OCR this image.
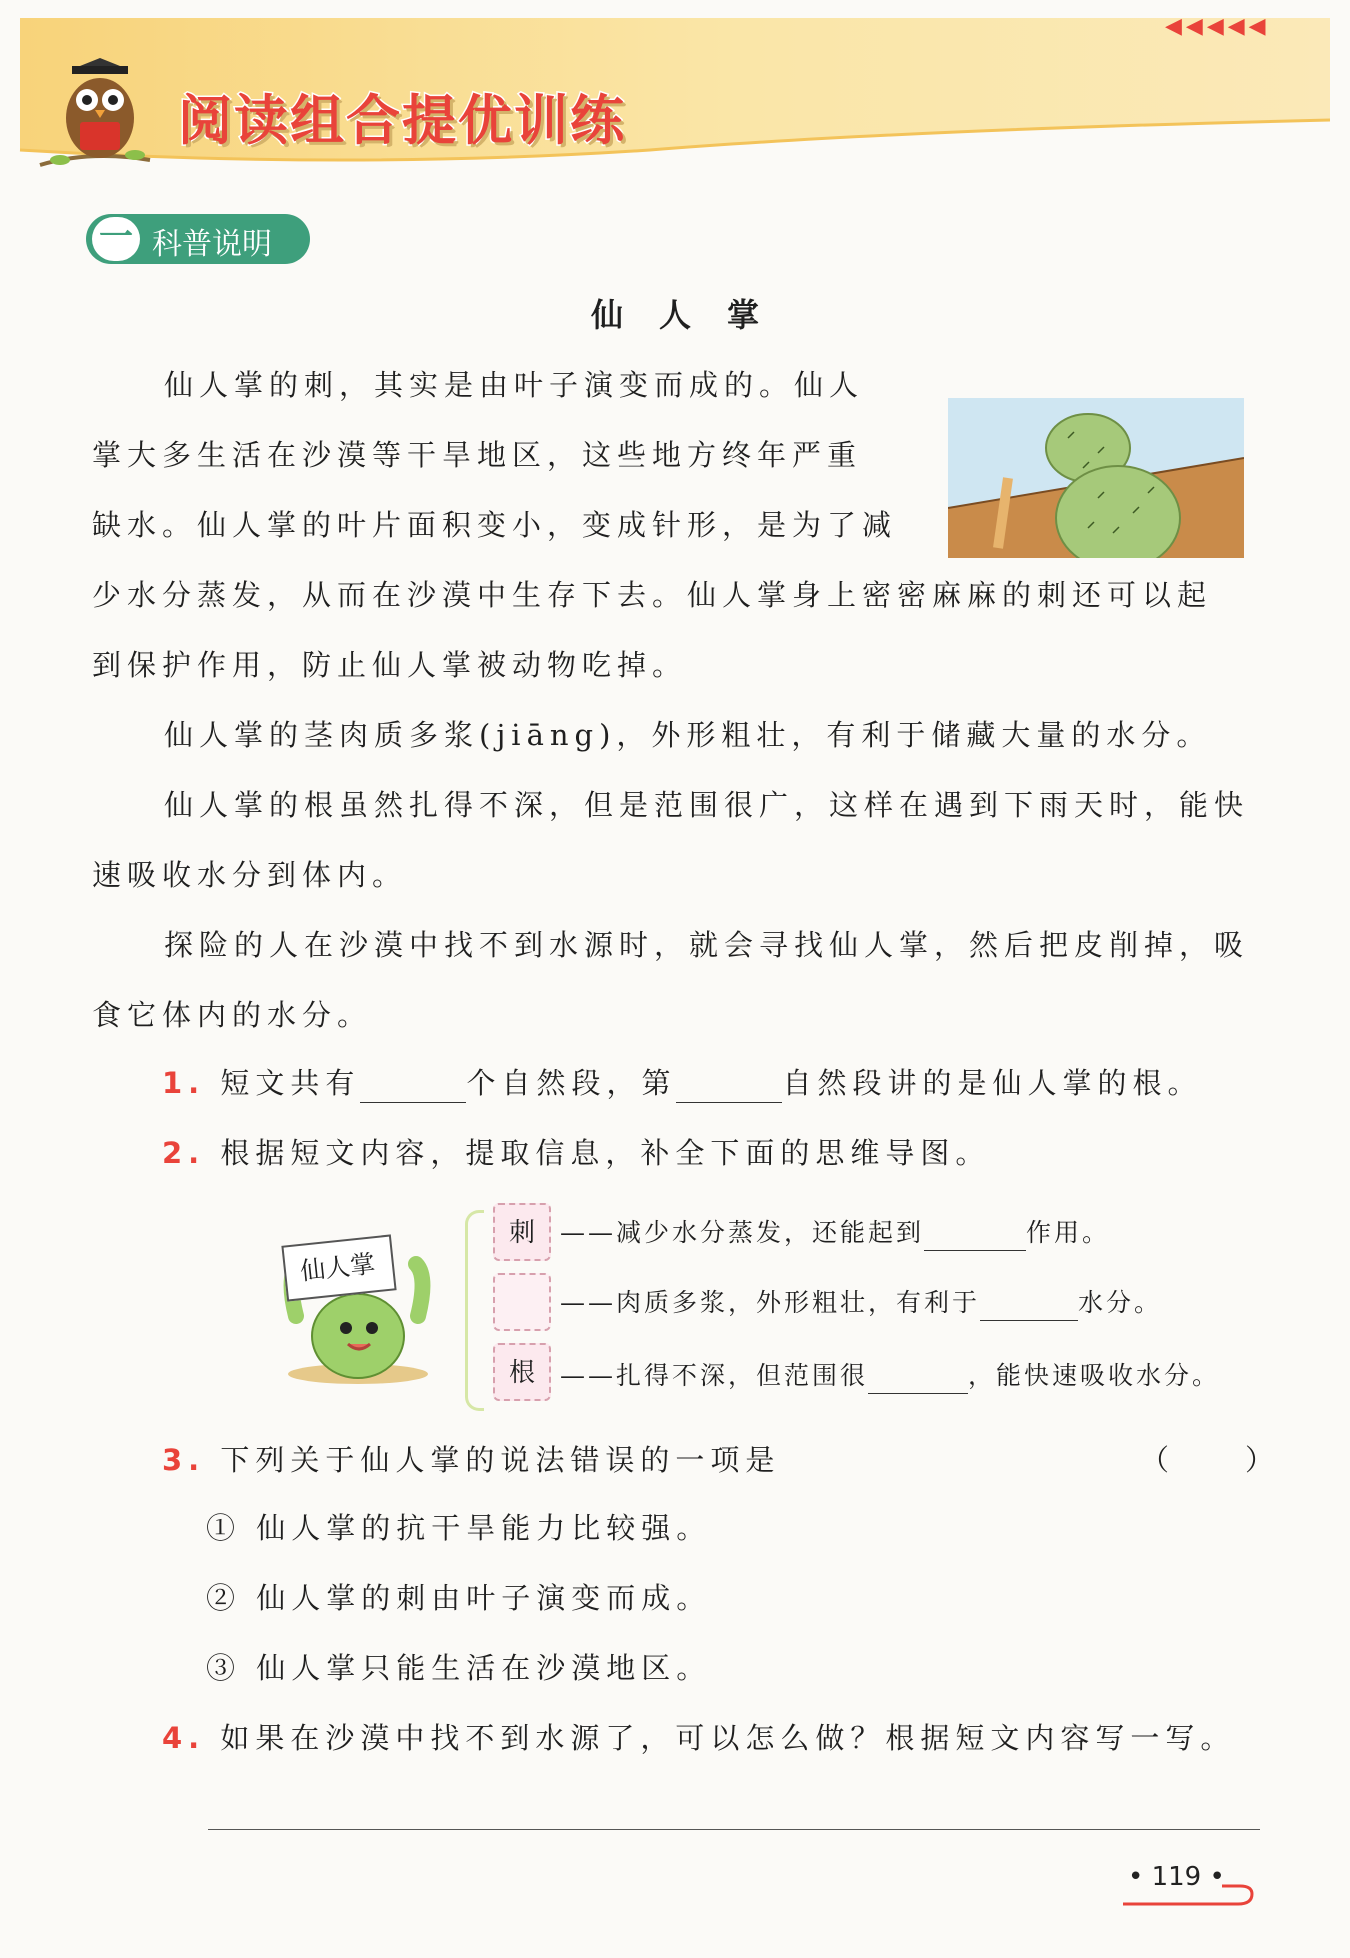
阅读组合提优训练
◀◀◀◀◀
一 科普说明
仙人掌
仙人掌的刺，其实是由叶子演变而成的。仙人
掌大多生活在沙漠等干旱地区，这些地方终年严重
缺水。仙人掌的叶片面积变小，变成针形，是为了减
少水分蒸发，从而在沙漠中生存下去。仙人掌身上密密麻麻的刺还可以起
到保护作用，防止仙人掌被动物吃掉。
仙人掌的茎肉质多浆(jiāng)，外形粗壮，有利于储藏大量的水分。
仙人掌的根虽然扎得不深，但是范围很广，这样在遇到下雨天时，能快
速吸收水分到体内。
探险的人在沙漠中找不到水源时，就会寻找仙人掌，然后把皮削掉，吸
食它体内的水分。
1. 短文共有	个自然段，第	自然段讲的是仙人掌的根。
2. 根据短文内容，提取信息，补全下面的思维导图。
仙人掌
刺
根
——减少水分蒸发，还能起到	作用。
——肉质多浆，外形粗壮，有利于	水分。
——扎得不深，但范围很	，能快速吸收水分。
3. 下列关于仙人掌的说法错误的一项是	（　　）
① 仙人掌的抗干旱能力比较强。
② 仙人掌的刺由叶子演变而成。
③ 仙人掌只能生活在沙漠地区。
4. 如果在沙漠中找不到水源了，可以怎么做？根据短文内容写一写。
• 119 •
